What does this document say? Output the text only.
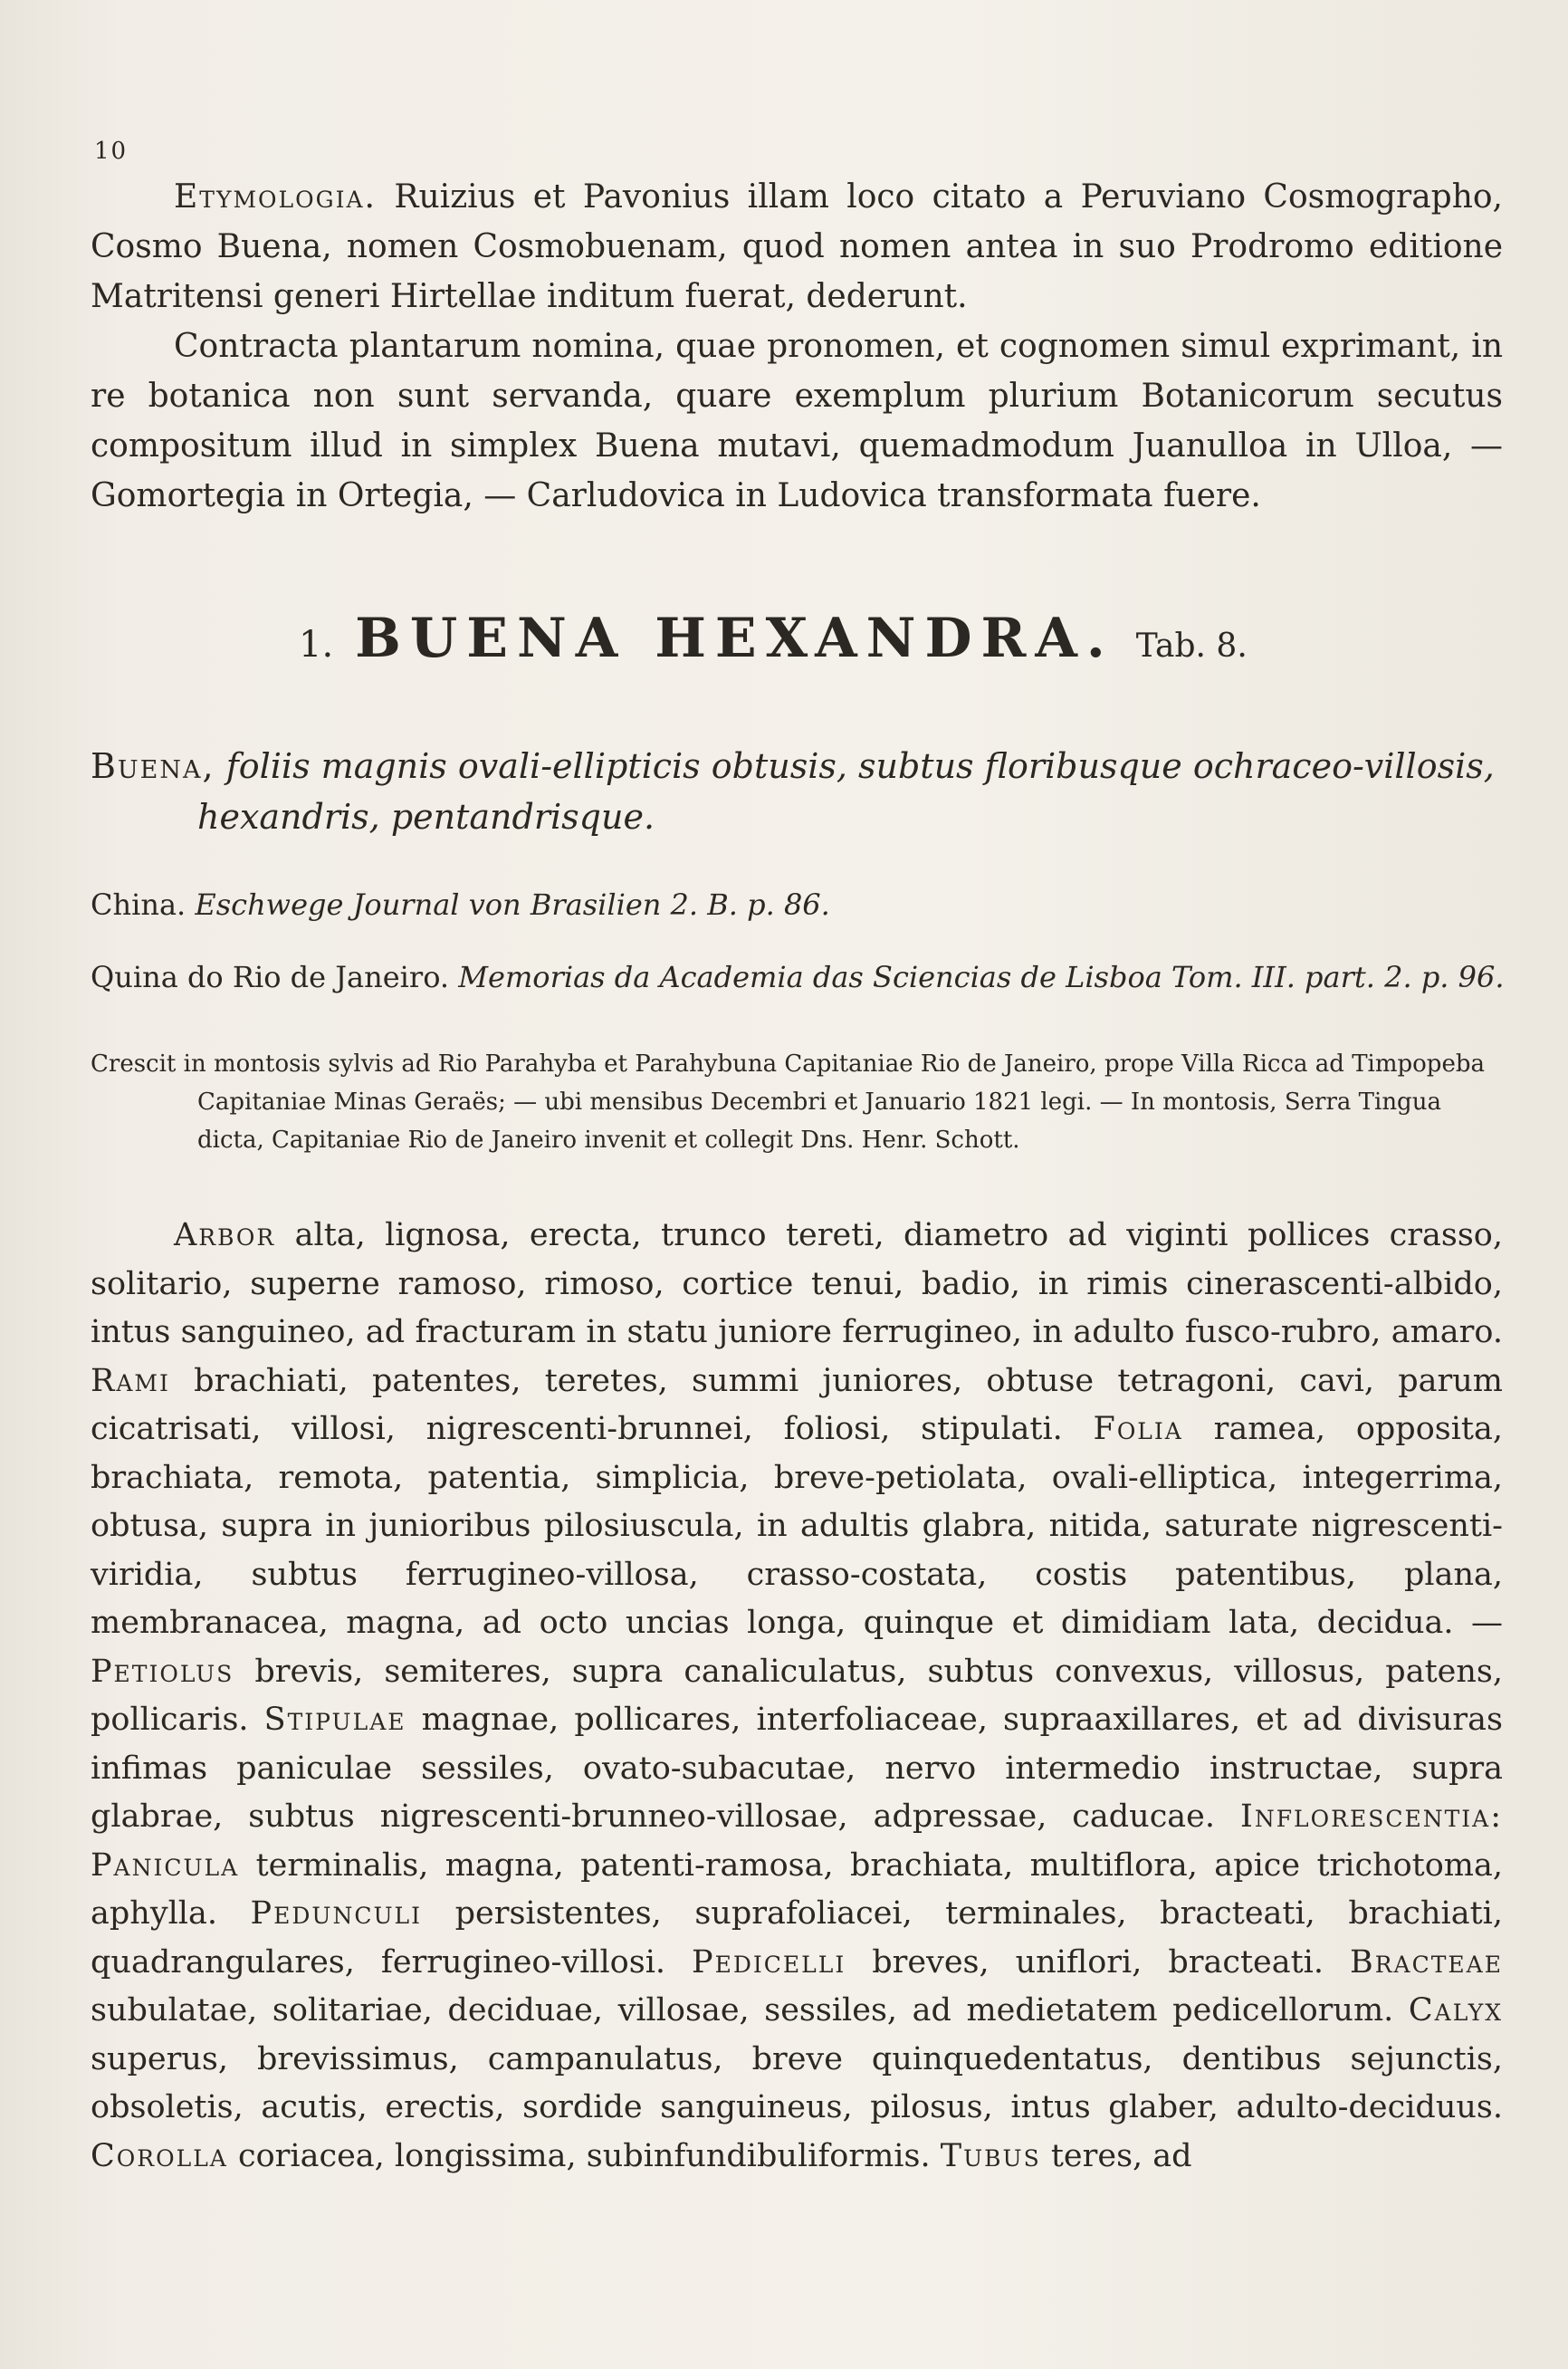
10

Etymologia. Ruizius et Pavonius illam loco citato a Peruviano Cosmographo, Cosmo Buena, nomen Cosmobuenam, quod nomen antea in suo Prodromo editione Matritensi generi Hirtellae inditum fuerat, dederunt.

Contracta plantarum nomina, quae pronomen, et cognomen simul exprimant, in re botanica non sunt servanda, quare exemplum plurium Botanicorum secutus compositum illud in simplex Buena mutavi, quemadmodum Juanulloa in Ulloa, — Gomortegia in Ortegia, — Carludovica in Ludovica transformata fuere.

1. BUENA HEXANDRA. Tab. 8.
Buena, foliis magnis ovali-ellipticis obtusis, subtus floribusque ochraceo-villosis,
hexandris, pentandrisque.
China. Eschwege Journal von Brasilien 2. B. p. 86.
Quina do Rio de Janeiro. Memorias da Academia das Sciencias de Lisboa Tom. III. part. 2. p. 96.
Crescit in montosis sylvis ad Rio Parahyba et Parahybuna Capitaniae Rio de Janeiro, prope Villa Ricca ad Timpopeba
Capitaniae Minas Geraës; — ubi mensibus Decembri et Januario 1821 legi. — In montosis, Serra Tingua dicta, Capitaniae Rio de Janeiro invenit et collegit Dns. Henr. Schott.

Arbor alta, lignosa, erecta, trunco tereti, diametro ad viginti pollices crasso, solitario, superne ramoso, rimoso, cortice tenui, badio, in rimis cinerascenti-albido, intus sanguineo, ad fracturam in statu juniore ferrugineo, in adulto fusco-rubro, amaro. Rami brachiati, patentes, teretes, summi juniores, obtuse tetragoni, cavi, parum cicatrisati, villosi, nigrescenti-brunnei, foliosi, stipulati. Folia ramea, opposita, brachiata, remota, patentia, simplicia, breve-petiolata, ovali-elliptica, integerrima, obtusa, supra in junioribus pilosiuscula, in adultis glabra, nitida, saturate nigrescenti-viridia, subtus ferrugineo-villosa, crasso-costata, costis patentibus, plana, membranacea, magna, ad octo uncias longa, quinque et dimidiam lata, decidua. — Petiolus brevis, semiteres, supra canaliculatus, subtus convexus, villosus, patens, pollicaris. Stipulae magnae, pollicares, interfoliaceae, supraaxillares, et ad divisuras infimas paniculae sessiles, ovato-subacutae, nervo intermedio instructae, supra glabrae, subtus nigrescenti-brunneo-villosae, adpressae, caducae. Inflorescentia: Panicula terminalis, magna, patenti-ramosa, brachiata, multiflora, apice trichotoma, aphylla. Pedunculi persistentes, suprafoliacei, terminales, bracteati, brachiati, quadrangulares, ferrugineo-villosi. Pedicelli breves, uniflori, bracteati. Bracteae subulatae, solitariae, deciduae, villosae, sessiles, ad medietatem pedicellorum. Calyx superus, brevissimus, campanulatus, breve quinquedentatus, dentibus sejunctis, obsoletis, acutis, erectis, sordide sanguineus, pilosus, intus glaber, adulto-deciduus. Corolla coriacea, longissima, subinfundibuliformis. Tubus teres, ad
